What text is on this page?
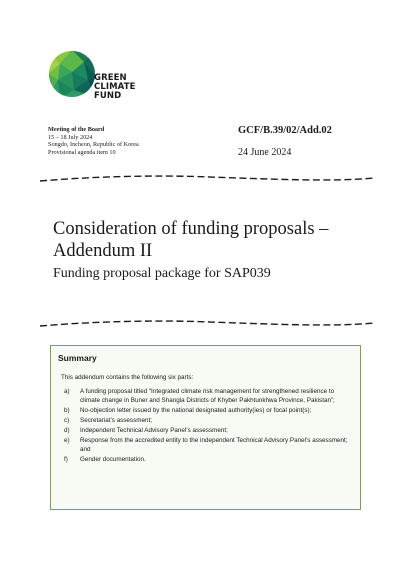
GREEN
CLIMATE
FUND
Meeting of the Board
15 – 18 July 2024
Songdo, Incheon, Republic of Korea
Provisional agenda item 10
GCF/B.39/02/Add.02
24 June 2024
Consideration of funding proposals – Addendum II
Funding proposal package for SAP039
Summary
This addendum contains the following six parts:
a) A funding proposal titled “Integrated climate risk management for strengthened resilience to climate change in Buner and Shangla Districts of Khyber Pakhtunkhwa Province, Pakistan”;
b) No-objection letter issued by the national designated authority(ies) or focal point(s);
c) Secretariat’s assessment;
d) Independent Technical Advisory Panel’s assessment;
e) Response from the accredited entity to the independent Technical Advisory Panel’s assessment; and
f) Gender documentation.
